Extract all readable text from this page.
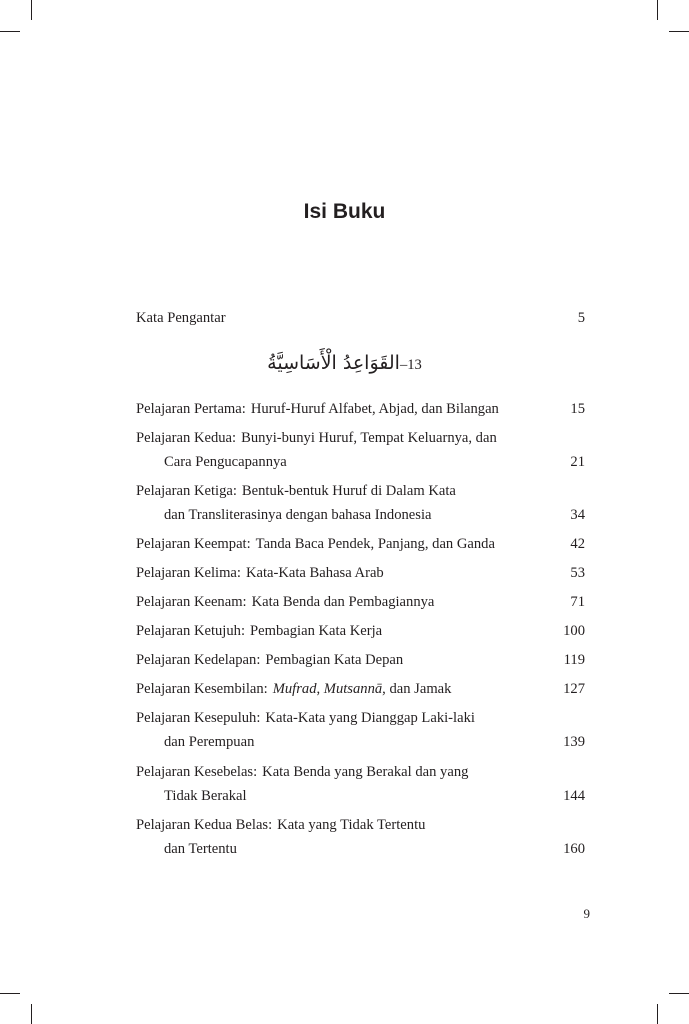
Isi Buku
Kata Pengantar	5
Pelajaran Pertama: Huruf-Huruf Alfabet, Abjad, dan Bilangan	15
Pelajaran Kedua: Bunyi-bunyi Huruf, Tempat Keluarnya, dan
Cara Pengucapannya	21
Pelajaran Ketiga: Bentuk-bentuk Huruf di Dalam Kata
dan Transliterasinya dengan bahasa Indonesia	34
Pelajaran Keempat: Tanda Baca Pendek, Panjang, dan Ganda	42
Pelajaran Kelima: Kata-Kata Bahasa Arab	53
Pelajaran Keenam: Kata Benda dan Pembagiannya	71
Pelajaran Ketujuh: Pembagian Kata Kerja	100
Pelajaran Kedelapan: Pembagian Kata Depan	119
Pelajaran Kesembilan: Mufrad, Mutsannā, dan Jamak	127
Pelajaran Kesepuluh: Kata-Kata yang Dianggap Laki-laki
dan Perempuan	139
Pelajaran Kesebelas: Kata Benda yang Berakal dan yang
Tidak Berakal	144
Pelajaran Kedua Belas: Kata yang Tidak Tertentu
dan Tertentu	160
القَوَاعِدُ الْأَسَاسِيَّةُ–13
9
